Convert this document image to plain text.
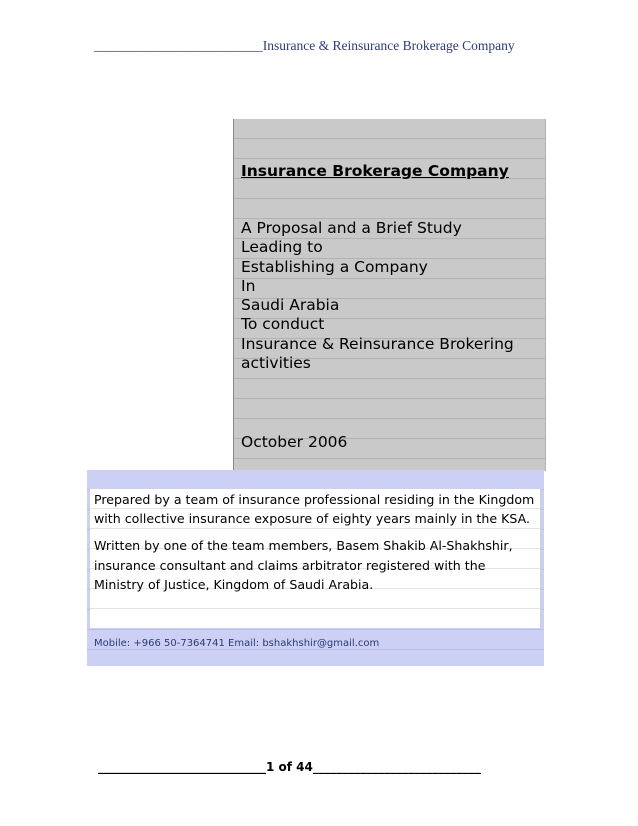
_________________________Insurance & Reinsurance Brokerage Company
Insurance Brokerage Company
A Proposal and a Brief Study
Leading to
Establishing a Company
In
Saudi Arabia
To conduct
Insurance & Reinsurance Brokering
activities
October 2006

Prepared by a team of insurance professional residing in the Kingdom with collective insurance exposure of eighty years mainly in the KSA.

Written by one of the team members, Basem Shakib Al-Shakhshir, insurance consultant and claims arbitrator registered with the Ministry of Justice, Kingdom of Saudi Arabia.

Mobile: +966 50-7364741 Email: bshakhshir@gmail.com
____________________________1 of 44____________________________
